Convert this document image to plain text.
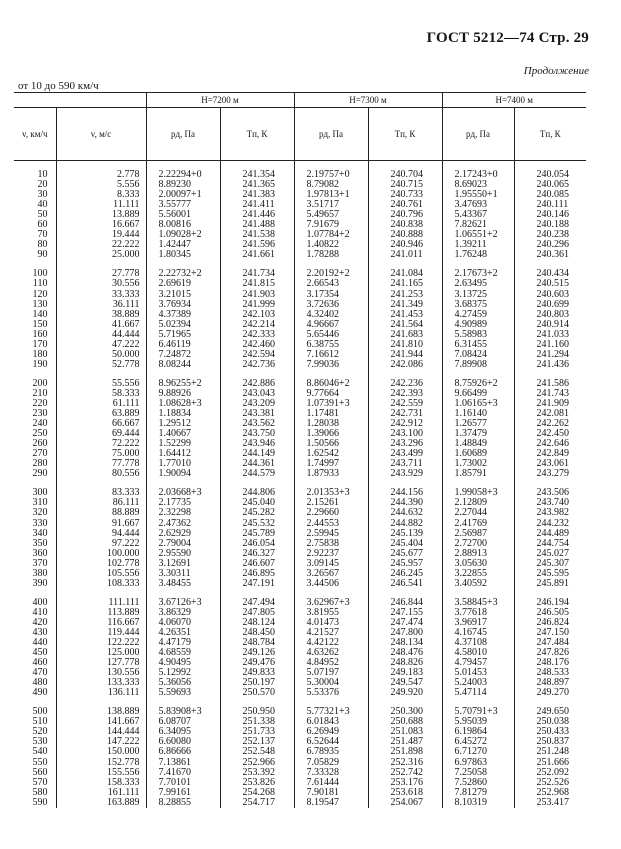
ГОСТ 5212—74 Стр. 29
Продолжение
от 10 до 590 км/ч
		H=7200 м		H=7300 м		H=7400 м	
v, км/ч	v, м/с	pд, Па	Tп, К	pд, Па	Tп, К	pд, Па	Tп, К

10	2.778	2.22294+0	241.354	2.19757+0	240.704	2.17243+0	240.054
20	5.556	8.89230	241.365	8.79082	240.715	8.69023	240.065
30	8.333	2.00097+1	241.383	1.97813+1	240.733	1.95550+1	240.085
40	11.111	3.55777	241.411	3.51717	240.761	3.47693	240.111
50	13.889	5.56001	241.446	5.49657	240.796	5.43367	240.146
60	16.667	8.00816	241.488	7.91679	240.838	7.82621	240.188
70	19.444	1.09028+2	241.538	1.07784+2	240.888	1.06551+2	240.238
80	22.222	1.42447	241.596	1.40822	240.946	1.39211	240.296
90	25.000	1.80345	241.661	1.78288	241.011	1.76248	240.361

100	27.778	2.22732+2	241.734	2.20192+2	241.084	2.17673+2	240.434
110	30.556	2.69619	241.815	2.66543	241.165	2.63495	240.515
120	33.333	3.21015	241.903	3.17354	241.253	3.13725	240.603
130	36.111	3.76934	241.999	3.72636	241.349	3.68375	240.699
140	38.889	4.37389	242.103	4.32402	241.453	4.27459	240.803
150	41.667	5.02394	242.214	4.96667	241.564	4.90989	240.914
160	44.444	5.71965	242.333	5.65446	241.683	5.58983	241.033
170	47.222	6.46119	242.460	6.38755	241.810	6.31455	241.160
180	50.000	7.24872	242.594	7.16612	241.944	7.08424	241.294
190	52.778	8.08244	242.736	7.99036	242.086	7.89908	241.436

200	55.556	8.96255+2	242.886	8.86046+2	242.236	8.75926+2	241.586
210	58.333	9.88926	243.043	9.77664	242.393	9.66499	241.743
220	61.111	1.08628+3	243.209	1.07391+3	242.559	1.06165+3	241.909
230	63.889	1.18834	243.381	1.17481	242.731	1.16140	242.081
240	66.667	1.29512	243.562	1.28038	242.912	1.26577	242.262
250	69.444	1.40667	243.750	1.39066	243.100	1.37479	242.450
260	72.222	1.52299	243.946	1.50566	243.296	1.48849	242.646
270	75.000	1.64412	244.149	1.62542	243.499	1.60689	242.849
280	77.778	1.77010	244.361	1.74997	243.711	1.73002	243.061
290	80.556	1.90094	244.579	1.87933	243.929	1.85791	243.279

300	83.333	2.03668+3	244.806	2.01353+3	244.156	1.99058+3	243.506
310	86.111	2.17735	245.040	2.15261	244.390	2.12809	243.740
320	88.889	2.32298	245.282	2.29660	244.632	2.27044	243.982
330	91.667	2.47362	245.532	2.44553	244.882	2.41769	244.232
340	94.444	2.62929	245.789	2.59945	245.139	2.56987	244.489
350	97.222	2.79004	246.054	2.75838	245.404	2.72700	244.754
360	100.000	2.95590	246.327	2.92237	245.677	2.88913	245.027
370	102.778	3.12691	246.607	3.09145	245.957	3.05630	245.307
380	105.556	3.30311	246.895	3.26567	246.245	3.22855	245.595
390	108.333	3.48455	247.191	3.44506	246.541	3.40592	245.891

400	111.111	3.67126+3	247.494	3.62967+3	246.844	3.58845+3	246.194
410	113.889	3.86329	247.805	3.81955	247.155	3.77618	246.505
420	116.667	4.06070	248.124	4.01473	247.474	3.96917	246.824
430	119.444	4.26351	248.450	4.21527	247.800	4.16745	247.150
440	122.222	4.47179	248.784	4.42122	248.134	4.37108	247.484
450	125.000	4.68559	249.126	4.63262	248.476	4.58010	247.826
460	127.778	4.90495	249.476	4.84952	248.826	4.79457	248.176
470	130.556	5.12992	249.833	5.07197	249.183	5.01453	248.533
480	133.333	5.36056	250.197	5.30004	249.547	5.24003	248.897
490	136.111	5.59693	250.570	5.53376	249.920	5.47114	249.270

500	138.889	5.83908+3	250.950	5.77321+3	250.300	5.70791+3	249.650
510	141.667	6.08707	251.338	6.01843	250.688	5.95039	250.038
520	144.444	6.34095	251.733	6.26949	251.083	6.19864	250.433
530	147.222	6.60080	252.137	6.52644	251.487	6.45272	250.837
540	150.000	6.86666	252.548	6.78935	251.898	6.71270	251.248
550	152.778	7.13861	252.966	7.05829	252.316	6.97863	251.666
560	155.556	7.41670	253.392	7.33328	252.742	7.25058	252.092
570	158.333	7.70101	253.826	7.61444	253.176	7.52860	252.526
580	161.111	7.99161	254.268	7.90181	253.618	7.81279	252.968
590	163.889	8.28855	254.717	8.19547	254.067	8.10319	253.417
